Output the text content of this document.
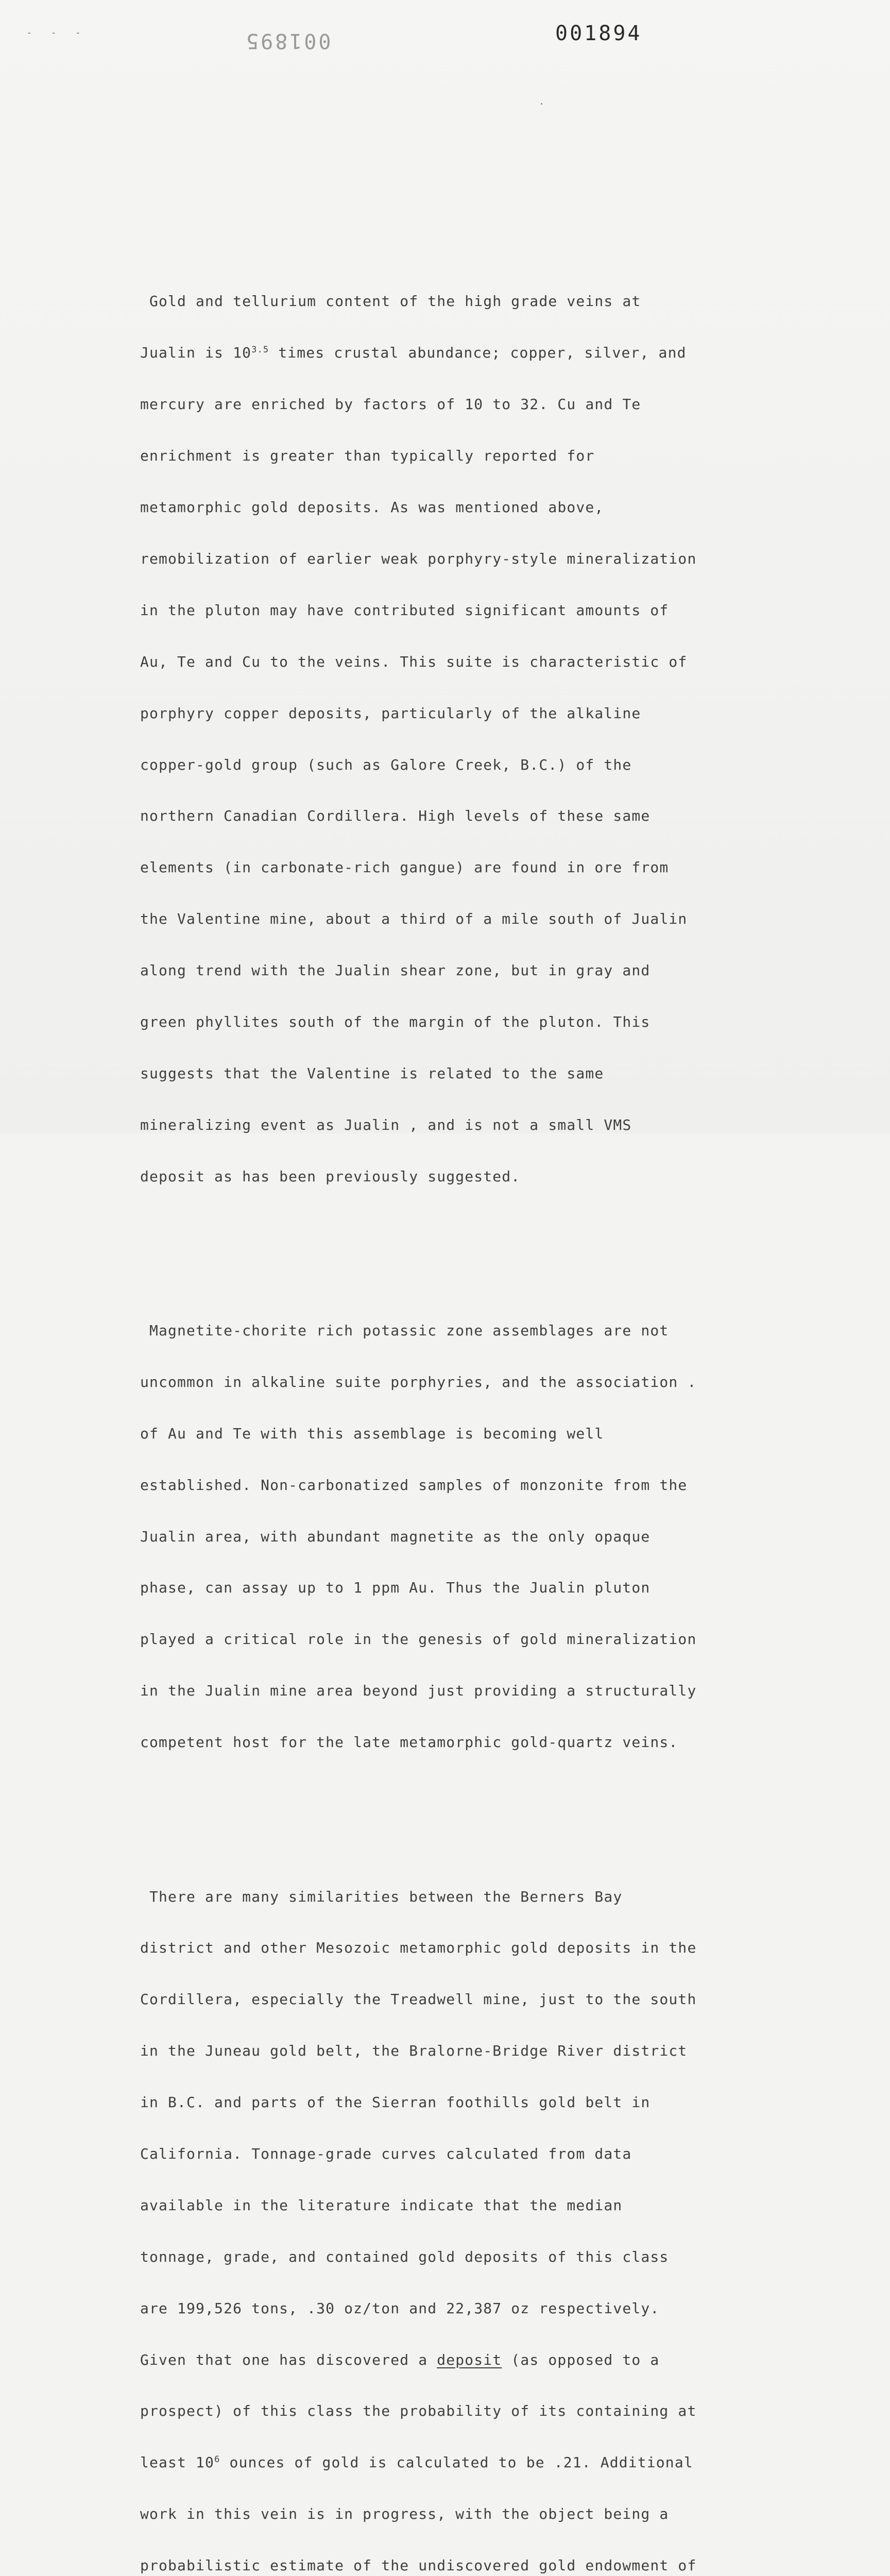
- - -	001895	001894

Gold and tellurium content of the high grade veins at

Jualin is $10^{3.5}$ times crustal abundance; copper, silver, and

mercury are enriched by factors of 10 to 32. Cu and Te

enrichment is greater than typically reported for

metamorphic gold deposits. As was mentioned above,

remobilization of earlier weak porphyry-style mineralization

in the pluton may have contributed significant amounts of

Au, Te and Cu to the veins. This suite is characteristic of

porphyry copper deposits, particularly of the alkaline

copper-gold group (such as Galore Creek, B.C.) of the

northern Canadian Cordillera. High levels of these same

elements (in carbonate-rich gangue) are found in ore from

the Valentine mine, about a third of a mile south of Jualin

along trend with the Jualin shear zone, but in gray and

green phyllites south of the margin of the pluton. This

suggests that the Valentine is related to the same

mineralizing event as Jualin , and is not a small VMS

deposit as has been previously suggested.

Magnetite-chorite rich potassic zone assemblages are not

uncommon in alkaline suite porphyries, and the association .

of Au and Te with this assemblage is becoming well

established. Non-carbonatized samples of monzonite from the

Jualin area, with abundant magnetite as the only opaque

phase, can assay up to 1 ppm Au. Thus the Jualin pluton

played a critical role in the genesis of gold mineralization

in the Jualin mine area beyond just providing a structurally

competent host for the late metamorphic gold-quartz veins.

There are many similarities between the Berners Bay

district and other Mesozoic metamorphic gold deposits in the

Cordillera, especially the Treadwell mine, just to the south

in the Juneau gold belt, the Bralorne-Bridge River district

in B.C. and parts of the Sierran foothills gold belt in

California. Tonnage-grade curves calculated from data

available in the literature indicate that the median

tonnage, grade, and contained gold deposits of this class

are 199,526 tons, .30 oz/ton and 22,387 oz respectively.

Given that one has discovered a deposit (as opposed to a

prospect) of this class the probability of its containing at

least $10^6$ ounces of gold is calculated to be .21. Additional

work in this vein is in progress, with the object being a

probabilistic estimate of the undiscovered gold endowment of
